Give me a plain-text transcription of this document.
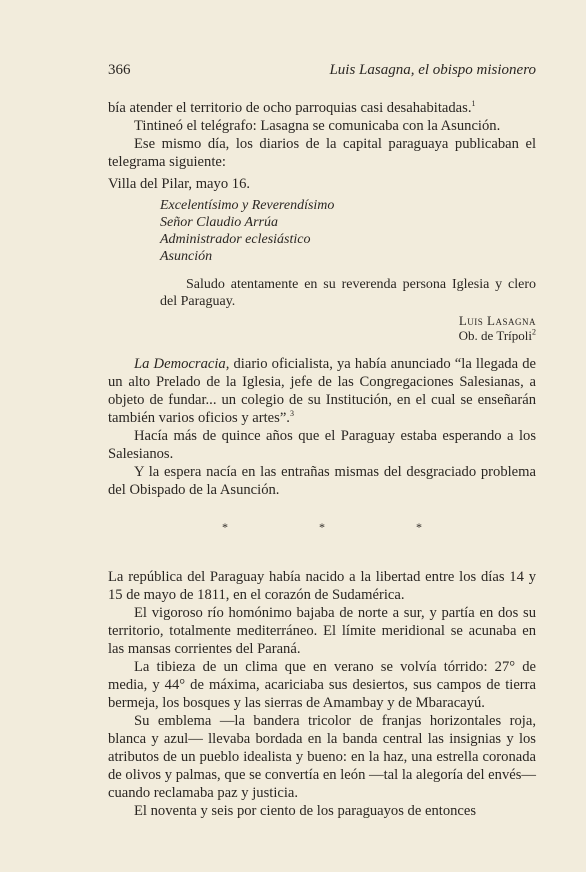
366	Luis Lasagna, el obispo misionero

bía atender el territorio de ocho parroquias casi desahabitadas.$^1$

Tintineó el telégrafo: Lasagna se comunicaba con la Asunción.

Ese mismo día, los diarios de la capital paraguaya publicaban el telegrama siguiente:

Villa del Pilar, mayo 16.

Excelentísimo y Reverendísimo
Señor Claudio Arrúa
Administrador eclesiástico
Asunción

Saludo atentamente en su reverenda persona Iglesia y clero del Paraguay.

Luis Lasagna
Ob. de Trípoli$^2$

La Democracia, diario oficialista, ya había anunciado “la llegada de un alto Prelado de la Iglesia, jefe de las Congregaciones Salesianas, a objeto de fundar... un colegio de su Institución, en el cual se enseñarán también varios oficios y artes”.$^3$

Hacía más de quince años que el Paraguay estaba esperando a los Salesianos.

Y la espera nacía en las entrañas mismas del desgraciado problema del Obispado de la Asunción.

* * *

La república del Paraguay había nacido a la libertad entre los días 14 y 15 de mayo de 1811, en el corazón de Sudamérica.

El vigoroso río homónimo bajaba de norte a sur, y partía en dos su territorio, totalmente mediterráneo. El límite meridional se acunaba en las mansas corrientes del Paraná.

La tibieza de un clima que en verano se volvía tórrido: 27° de media, y 44° de máxima, acariciaba sus desiertos, sus campos de tierra bermeja, los bosques y las sierras de Amambay y de Mbaracayú.

Su emblema —la bandera tricolor de franjas horizontales roja, blanca y azul— llevaba bordada en la banda central las insignias y los atributos de un pueblo idealista y bueno: en la haz, una estrella coronada de olivos y palmas, que se convertía en león —tal la alegoría del envés— cuando reclamaba paz y justicia.

El noventa y seis por ciento de los paraguayos de entonces
